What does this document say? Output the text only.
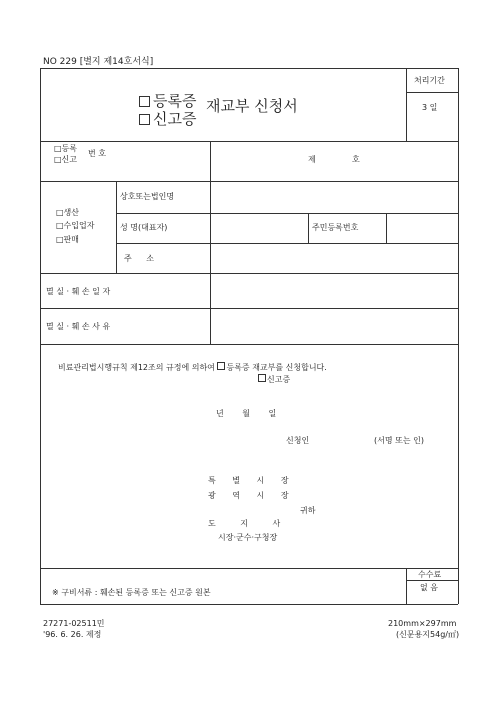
NO 229 [별지 제14호서식]
처리기간
3 일
등록증
신고증
재교부 신청서
□등록
□신고
번 호
제	호
□생산
□수입업자
□판매
상호또는법인명
성 명(대표자)	주민등록번호
주 소
멸 실 · 훼 손 일 자
멸 실 · 훼 손 사 유
비료관리법시행규칙 제12조의 규정에 의하여 등록증 재교부를 신청합니다.
신고증
년 월 일
신청인	(서명 또는 인)
특 별 시 장
광 역 시 장
귀하
도 지 사
시장·군수·구청장
수수료
없 음
※ 구비서류 : 훼손된 등록증 또는 신고증 원본
27271-02511민
'96. 6. 26. 제정
210mm×297mm
(신문용지54g/㎡)
